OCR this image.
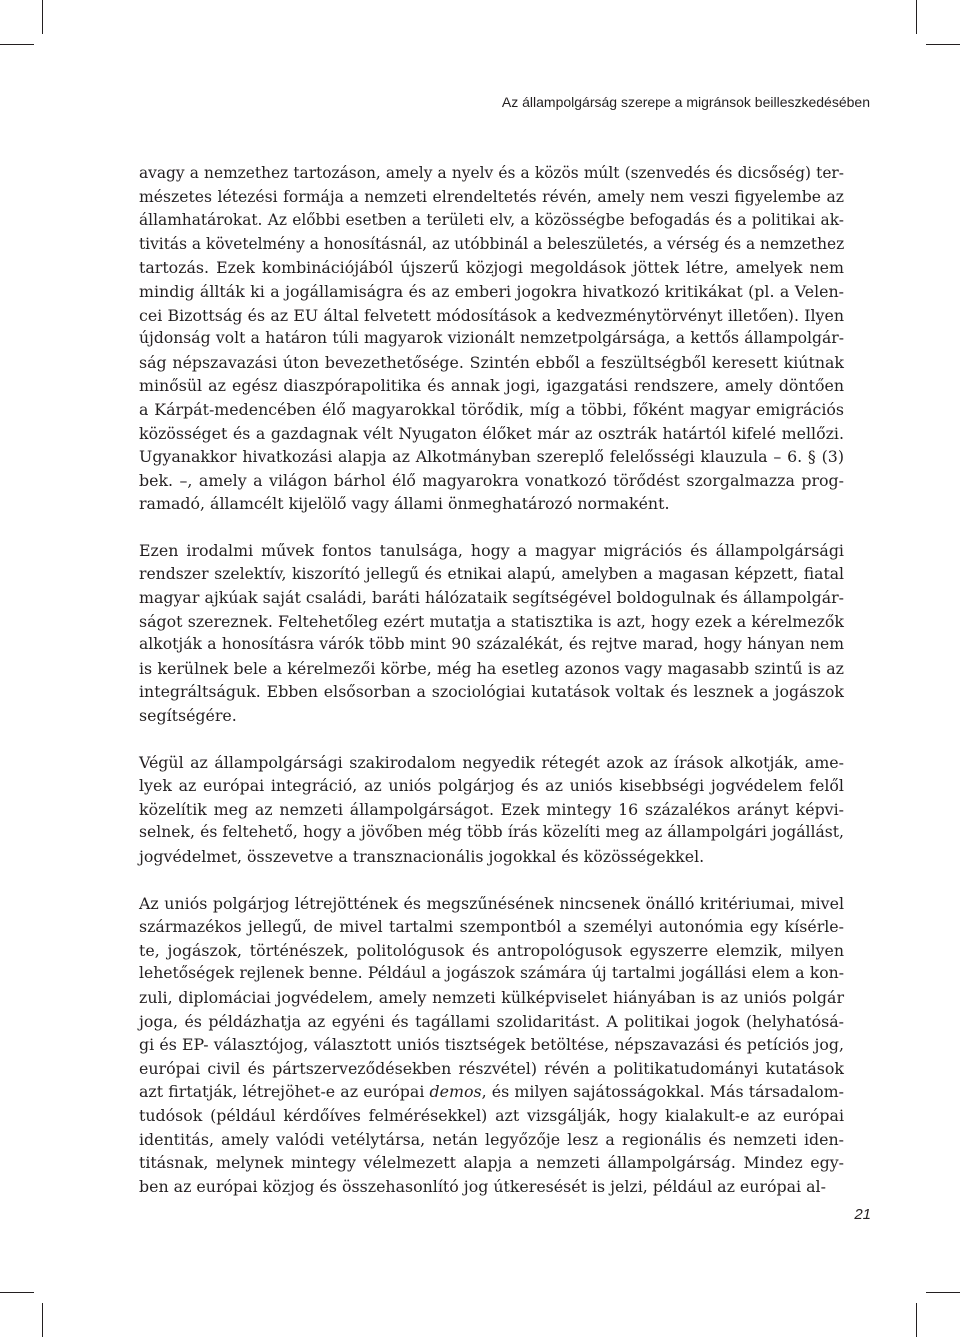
Az állampolgárság szerepe a migránsok beilleszkedésében
avagy a nemzethez tartozáson, amely a nyelv és a közös múlt (szenvedés és dicsőség) ter-
mészetes létezési formája a nemzeti elrendeltetés révén, amely nem veszi figyelembe az
államhatárokat. Az előbbi esetben a területi elv, a közösségbe befogadás és a politikai ak-
tivitás a követelmény a honosításnál, az utóbbinál a beleszületés, a vérség és a nemzethez
tartozás. Ezek kombinációjából újszerű közjogi megoldások jöttek létre, amelyek nem
mindig állták ki a jogállamiságra és az emberi jogokra hivatkozó kritikákat (pl. a Velen-
cei Bizottság és az EU által felvetett módosítások a kedvezménytörvényt illetően). Ilyen
újdonság volt a határon túli magyarok vizionált nemzetpolgársága, a kettős állampolgár-
ság népszavazási úton bevezethetősége. Szintén ebből a feszültségből keresett kiútnak
minősül az egész diaszpórapolitika és annak jogi, igazgatási rendszere, amely döntően
a Kárpát-medencében élő magyarokkal törődik, míg a többi, főként magyar emigrációs
közösséget és a gazdagnak vélt Nyugaton élőket már az osztrák határtól kifelé mellőzi.
Ugyanakkor hivatkozási alapja az Alkotmányban szereplő felelősségi klauzula – 6. § (3)
bek. –, amely a világon bárhol élő magyarokra vonatkozó törődést szorgalmazza prog-
ramadó, államcélt kijelölő vagy állami önmeghatározó normaként.
Ezen irodalmi művek fontos tanulsága, hogy a magyar migrációs és állampolgársági
rendszer szelektív, kiszorító jellegű és etnikai alapú, amelyben a magasan képzett, fiatal
magyar ajkúak saját családi, baráti hálózataik segítségével boldogulnak és állampolgár-
ságot szereznek. Feltehetőleg ezért mutatja a statisztika is azt, hogy ezek a kérelmezők
alkotják a honosításra várók több mint 90 százalékát, és rejtve marad, hogy hányan nem
is kerülnek bele a kérelmezői körbe, még ha esetleg azonos vagy magasabb szintű is az
integráltságuk. Ebben elsősorban a szociológiai kutatások voltak és lesznek a jogászok
segítségére.
Végül az állampolgársági szakirodalom negyedik rétegét azok az írások alkotják, ame-
lyek az európai integráció, az uniós polgárjog és az uniós kisebbségi jogvédelem felől
közelítik meg az nemzeti állampolgárságot. Ezek mintegy 16 százalékos arányt képvi-
selnek, és feltehető, hogy a jövőben még több írás közelíti meg az állampolgári jogállást,
jogvédelmet, összevetve a transznacionális jogokkal és közösségekkel.
Az uniós polgárjog létrejöttének és megszűnésének nincsenek önálló kritériumai, mivel
származékos jellegű, de mivel tartalmi szempontból a személyi autonómia egy kísérle-
te, jogászok, történészek, politológusok és antropológusok egyszerre elemzik, milyen
lehetőségek rejlenek benne. Például a jogászok számára új tartalmi jogállási elem a kon-
zuli, diplomáciai jogvédelem, amely nemzeti külképviselet hiányában is az uniós polgár
joga, és példázhatja az egyéni és tagállami szolidaritást. A politikai jogok (helyhatósá-
gi és EP- választójog, választott uniós tisztségek betöltése, népszavazási és petíciós jog,
európai civil és pártszerveződésekben részvétel) révén a politikatudományi kutatások
azt firtatják, létrejöhet-e az európai demos, és milyen sajátosságokkal. Más társadalom-
tudósok (például kérdőíves felmérésekkel) azt vizsgálják, hogy kialakult-e az európai
identitás, amely valódi vetélytársa, netán legyőzője lesz a regionális és nemzeti iden-
titásnak, melynek mintegy vélelmezett alapja a nemzeti állampolgárság. Mindez egy-
ben az európai közjog és összehasonlító jog útkeresését is jelzi, például az európai al-
21
